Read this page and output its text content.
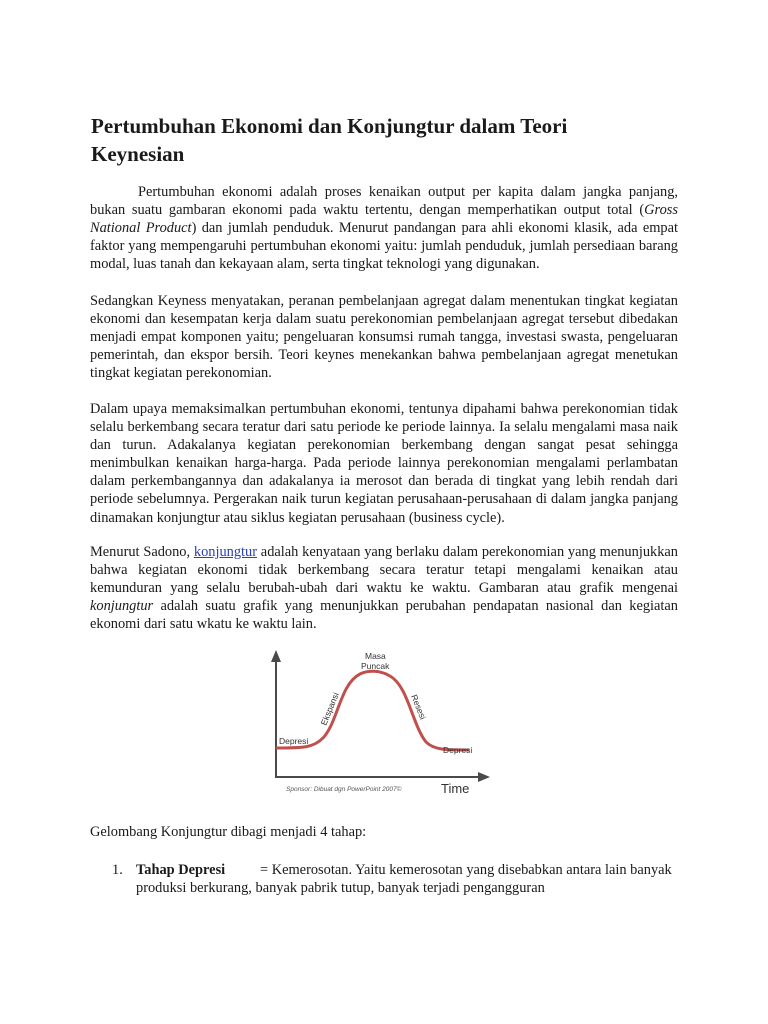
Pertumbuhan Ekonomi dan Konjungtur dalam Teori Keynesian

Pertumbuhan ekonomi adalah proses kenaikan output per kapita dalam jangka panjang, bukan suatu gambaran ekonomi pada waktu tertentu, dengan memperhatikan output total (Gross National Product) dan jumlah penduduk. Menurut pandangan para ahli ekonomi klasik, ada empat faktor yang mempengaruhi pertumbuhan ekonomi yaitu: jumlah penduduk, jumlah persediaan barang modal, luas tanah dan kekayaan alam, serta tingkat teknologi yang digunakan.

Sedangkan Keyness menyatakan, peranan pembelanjaan agregat dalam menentukan tingkat kegiatan ekonomi dan kesempatan kerja dalam suatu perekonomian pembelanjaan agregat tersebut dibedakan menjadi empat komponen yaitu; pengeluaran konsumsi rumah tangga, investasi swasta, pengeluaran pemerintah, dan ekspor bersih. Teori keynes menekankan bahwa pembelanjaan agregat menetukan tingkat kegiatan perekonomian.

Dalam upaya memaksimalkan pertumbuhan ekonomi, tentunya dipahami bahwa perekonomian tidak selalu berkembang secara teratur dari satu periode ke periode lainnya. Ia selalu mengalami masa naik dan turun. Adakalanya kegiatan perekonomian berkembang dengan sangat pesat sehingga menimbulkan kenaikan harga-harga. Pada periode lainnya perekonomian mengalami perlambatan dalam perkembangannya dan adakalanya ia merosot dan berada di tingkat yang lebih rendah dari periode sebelumnya. Pergerakan naik turun kegiatan perusahaan-perusahaan di dalam jangka panjang dinamakan konjungtur atau siklus kegiatan perusahaan (business cycle).

Menurut Sadono, konjungtur adalah kenyataan yang berlaku dalam perekonomian yang menunjukkan bahwa kegiatan ekonomi tidak berkembang secara teratur tetapi mengalami kenaikan atau kemunduran yang selalu berubah-ubah dari waktu ke waktu. Gambaran atau grafik mengenai konjungtur adalah suatu grafik yang menunjukkan perubahan pendapatan nasional dan kegiatan ekonomi dari satu wkatu ke waktu lain.

Masa
Puncak
Ekspansi	Resesi
Depresi
Depresi
Time
Sponsor: Dibuat dgn PowerPoint 2007©

Gelombang Konjungtur dibagi menjadi 4 tahap:

1. Tahap Depresi = Kemerosotan. Yaitu kemerosotan yang disebabkan antara lain banyak produksi berkurang, banyak pabrik tutup, banyak terjadi pengangguran
